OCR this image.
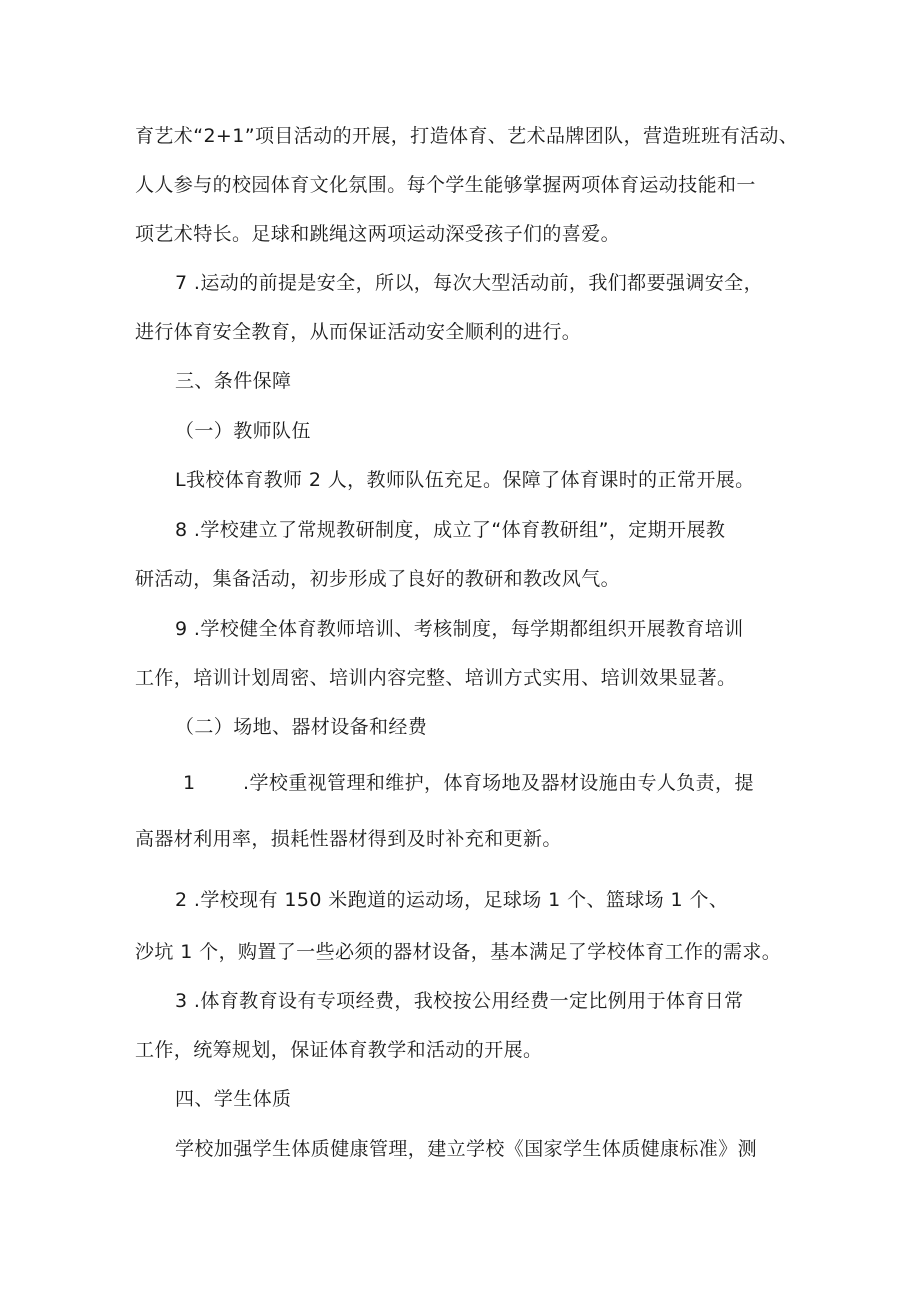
育艺术“2+1”项目活动的开展，打造体育、艺术品牌团队，营造班班有活动、
人人参与的校园体育文化氛围。每个学生能够掌握两项体育运动技能和一
项艺术特长。足球和跳绳这两项运动深受孩子们的喜爱。
7 .运动的前提是安全，所以，每次大型活动前，我们都要强调安全，
进行体育安全教育，从而保证活动安全顺利的进行。
三、条件保障
（一）教师队伍
L我校体育教师 2 人，教师队伍充足。保障了体育课时的正常开展。
8 .学校建立了常规教研制度，成立了“体育教研组”，定期开展教
研活动，集备活动，初步形成了良好的教研和教改风气。
9 .学校健全体育教师培训、考核制度，每学期都组织开展教育培训
工作，培训计划周密、培训内容完整、培训方式实用、培训效果显著。
（二）场地、器材设备和经费
1	.学校重视管理和维护，体育场地及器材设施由专人负责，提
高器材利用率，损耗性器材得到及时补充和更新。
2 .学校现有 150 米跑道的运动场，足球场 1 个、篮球场 1 个、
沙坑 1 个，购置了一些必须的器材设备，基本满足了学校体育工作的需求。
3 .体育教育设有专项经费，我校按公用经费一定比例用于体育日常
工作，统筹规划，保证体育教学和活动的开展。
四、学生体质
学校加强学生体质健康管理，建立学校《国家学生体质健康标准》测
